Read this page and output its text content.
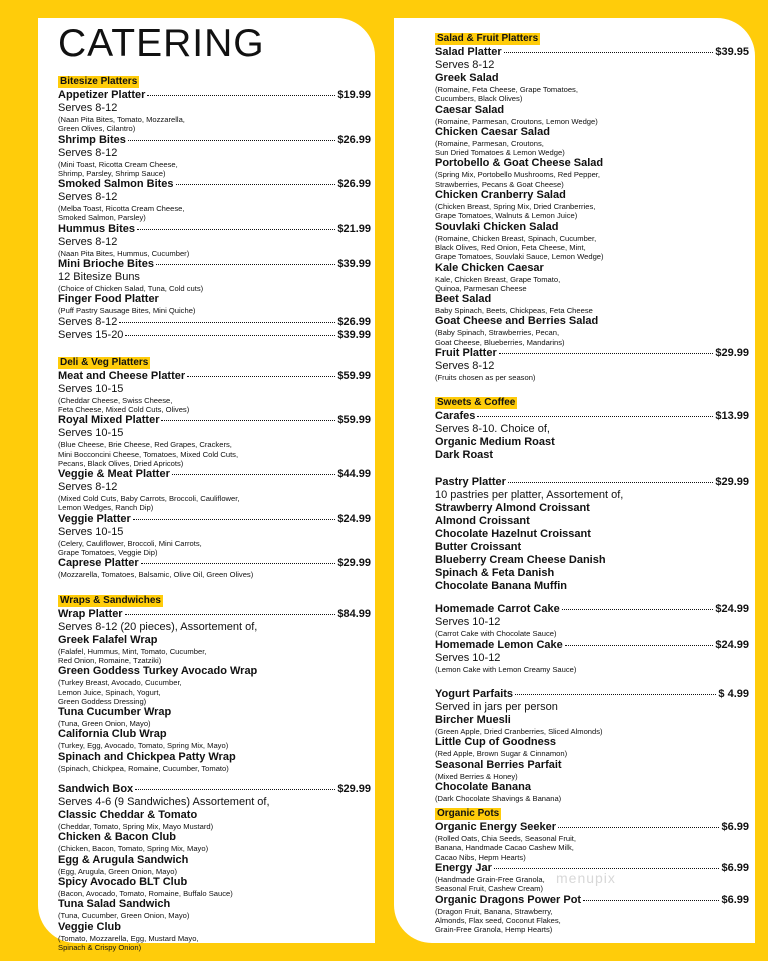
CATERING
Bitesize Platters
Appetizer Platter	$19.99
Serves 8-12
(Naan Pita Bites, Tomato, Mozzarella,
Green Olives, Cilantro)
Shrimp Bites	$26.99
Serves 8-12
(Mini Toast, Ricotta Cream Cheese,
Shrimp, Parsley, Shrimp Sauce)
Smoked Salmon Bites	$26.99
Serves 8-12
(Melba Toast, Ricotta Cream Cheese,
Smoked Salmon, Parsley)
Hummus Bites	$21.99
Serves 8-12
(Naan Pita Bites, Hummus, Cucumber)
Mini Brioche Bites	$39.99
12 Bitesize Buns
(Choice of Chicken Salad, Tuna, Cold cuts)
Finger Food Platter
(Puff Pastry Sausage Bites, Mini Quiche)
Serves 8-12	$26.99
Serves 15-20	$39.99
Deli & Veg Platters
Meat and Cheese Platter	$59.99
Serves 10-15
(Cheddar Cheese, Swiss Cheese,
Feta Cheese, Mixed Cold Cuts, Olives)
Royal Mixed Platter	$59.99
Serves 10-15
(Blue Cheese, Brie Cheese, Red Grapes, Crackers,
Mini Bocconcini Cheese, Tomatoes, Mixed Cold Cuts,
Pecans, Black Olives, Dried Apricots)
Veggie & Meat Platter	$44.99
Serves 8-12
(Mixed Cold Cuts, Baby Carrots, Broccoli, Cauliflower,
Lemon Wedges, Ranch Dip)
Veggie Platter	$24.99
Serves 10-15
(Celery, Cauliflower, Broccoli, Mini Carrots,
Grape Tomatoes, Veggie Dip)
Caprese Platter	$29.99
(Mozzarella, Tomatoes, Balsamic, Olive Oil, Green Olives)
Wraps & Sandwiches
Wrap Platter	$84.99
Serves 8-12 (20 pieces), Assortement of,
Greek Falafel Wrap
(Falafel, Hummus, Mint, Tomato, Cucumber,
Red Onion, Romaine, Tzatziki)
Green Goddess Turkey Avocado Wrap
(Turkey Breast, Avocado, Cucumber,
Lemon Juice, Spinach, Yogurt,
Green Goddess Dressing)
Tuna Cucumber Wrap
(Tuna, Green Onion, Mayo)
California Club Wrap
(Turkey, Egg, Avocado, Tomato, Spring Mix, Mayo)
Spinach and Chickpea Patty Wrap
(Spinach, Chickpea, Romaine, Cucumber, Tomato)
Sandwich Box	$29.99
Serves 4-6 (9 Sandwiches) Assortement of,
Classic Cheddar & Tomato
(Cheddar, Tomato, Spring Mix, Mayo Mustard)
Chicken & Bacon Club
(Chicken, Bacon, Tomato, Spring Mix, Mayo)
Egg & Arugula Sandwich
(Egg, Arugula, Green Onion, Mayo)
Spicy Avocado BLT Club
(Bacon, Avocado, Tomato, Romaine, Buffalo Sauce)
Tuna Salad Sandwich
(Tuna, Cucumber, Green Onion, Mayo)
Veggie Club
(Tomato, Mozzarella, Egg, Mustard Mayo,
Spinach & Crispy Onion)
Salad & Fruit Platters
Salad Platter	$39.95
Serves 8-12
Greek Salad
(Romaine, Feta Cheese, Grape Tomatoes,
Cucumbers, Black Olives)
Caesar Salad
(Romaine, Parmesan, Croutons, Lemon Wedge)
Chicken Caesar Salad
(Romaine, Parmesan, Croutons,
Sun Dried Tomatoes & Lemon Wedge)
Portobello & Goat Cheese Salad
(Spring Mix, Portobello Mushrooms, Red Pepper,
Strawberries, Pecans & Goat Cheese)
Chicken Cranberry Salad
(Chicken Breast, Spring Mix, Dried Cranberries,
Grape Tomatoes, Walnuts & Lemon Juice)
Souvlaki Chicken Salad
(Romaine, Chicken Breast, Spinach, Cucumber,
Black Olives, Red Onion, Feta Cheese, Mint,
Grape Tomatoes, Souvlaki Sauce, Lemon Wedge)
Kale Chicken Caesar
Kale, Chicken Breast, Grape Tomato,
Quinoa, Parmesan Cheese
Beet Salad
Baby Spinach, Beets, Chickpeas, Feta Cheese
Goat Cheese and Berries Salad
(Baby Spinach, Strawberries, Pecan,
Goat Cheese, Blueberries, Mandarins)
Fruit Platter	$29.99
Serves 8-12
(Fruits chosen as per season)
Sweets & Coffee
Carafes	$13.99
Serves 8-10. Choice of,
Organic Medium Roast
Dark Roast
Pastry Platter	$29.99
10 pastries per platter, Assortement of,
Strawberry Almond Croissant
Almond Croissant
Chocolate Hazelnut Croissant
Butter Croissant
Blueberry Cream Cheese Danish
Spinach & Feta Danish
Chocolate Banana Muffin
Homemade Carrot Cake	$24.99
Serves 10-12
(Carrot Cake with Chocolate Sauce)
Homemade Lemon Cake	$24.99
Serves 10-12
(Lemon Cake with Lemon Creamy Sauce)
Yogurt Parfaits	$ 4.99
Served in jars per person
Bircher Muesli
(Green Apple, Dried Cranberries, Sliced Almonds)
Little Cup of Goodness
(Red Apple, Brown Sugar & Cinnamon)
Seasonal Berries Parfait
(Mixed Berries & Honey)
Chocolate Banana
(Dark Chocolate Shavings & Banana)
Organic Pots
Organic Energy Seeker	$6.99
(Rolled Oats, Chia Seeds, Seasonal Fruit,
Banana, Handmade Cacao Cashew Milk,
Cacao Nibs, Hepm Hearts)
Energy Jar	$6.99
(Handmade Grain-Free Granola,
Seasonal Fruit, Cashew Cream)
Organic Dragons Power Pot	$6.99
(Dragon Fruit, Banana, Strawberry,
Almonds, Flax seed, Coconut Flakes,
Grain-Free Granola, Hemp Hearts)
menupix
